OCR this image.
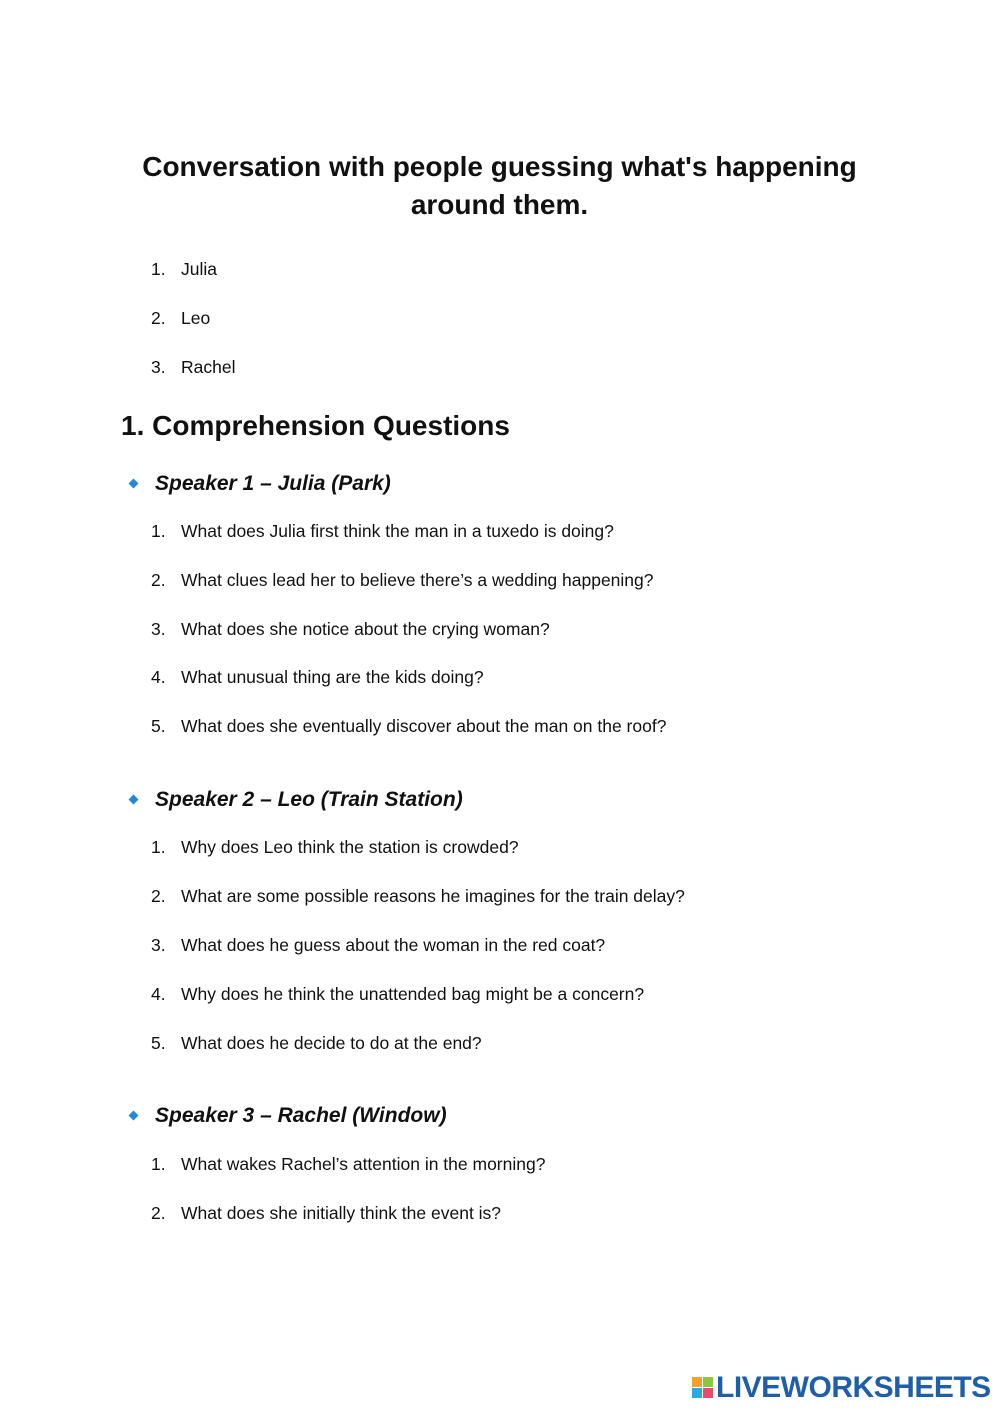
Conversation with people guessing what's happening around them.
1. Julia
2. Leo
3. Rachel
1. Comprehension Questions
Speaker 1 – Julia (Park)
1. What does Julia first think the man in a tuxedo is doing?
2. What clues lead her to believe there’s a wedding happening?
3. What does she notice about the crying woman?
4. What unusual thing are the kids doing?
5. What does she eventually discover about the man on the roof?
Speaker 2 – Leo (Train Station)
1. Why does Leo think the station is crowded?
2. What are some possible reasons he imagines for the train delay?
3. What does he guess about the woman in the red coat?
4. Why does he think the unattended bag might be a concern?
5. What does he decide to do at the end?
Speaker 3 – Rachel (Window)
1. What wakes Rachel’s attention in the morning?
2. What does she initially think the event is?
LIVEWORKSHEETS
